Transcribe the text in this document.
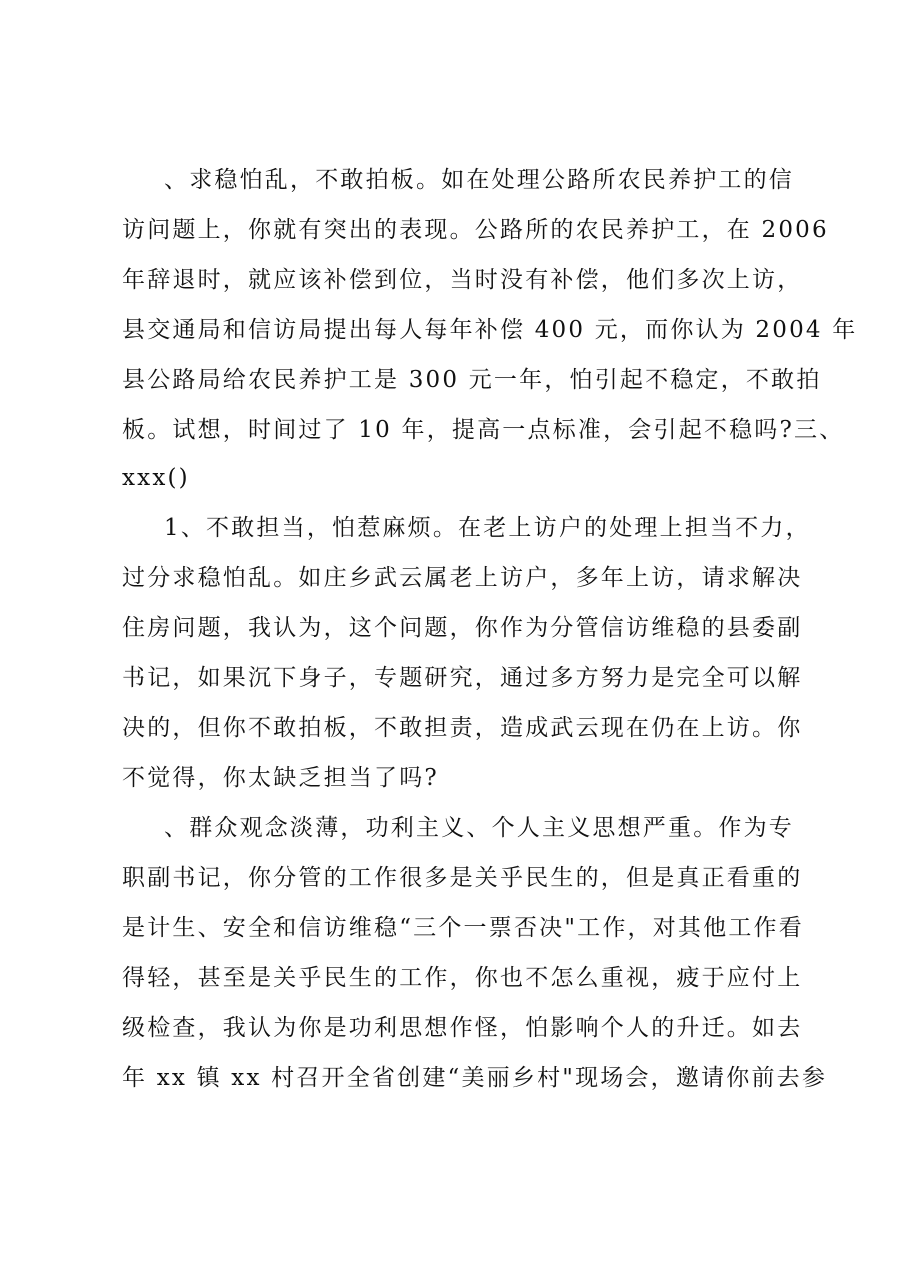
、求稳怕乱，不敢拍板。如在处理公路所农民养护工的信
访问题上，你就有突出的表现。公路所的农民养护工，在 2006
年辞退时，就应该补偿到位，当时没有补偿，他们多次上访，
县交通局和信访局提出每人每年补偿 400 元，而你认为 2004 年
县公路局给农民养护工是 300 元一年，怕引起不稳定，不敢拍
板。试想，时间过了 10 年，提高一点标准，会引起不稳吗?三、
xxx()
1、不敢担当，怕惹麻烦。在老上访户的处理上担当不力，
过分求稳怕乱。如庄乡武云属老上访户，多年上访，请求解决
住房问题，我认为，这个问题，你作为分管信访维稳的县委副
书记，如果沉下身子，专题研究，通过多方努力是完全可以解
决的，但你不敢拍板，不敢担责，造成武云现在仍在上访。你
不觉得，你太缺乏担当了吗?
、群众观念淡薄，功利主义、个人主义思想严重。作为专
职副书记，你分管的工作很多是关乎民生的，但是真正看重的
是计生、安全和信访维稳“三个一票否决"工作，对其他工作看
得轻，甚至是关乎民生的工作，你也不怎么重视，疲于应付上
级检查，我认为你是功利思想作怪，怕影响个人的升迁。如去
年 xx 镇 xx 村召开全省创建“美丽乡村"现场会，邀请你前去参
